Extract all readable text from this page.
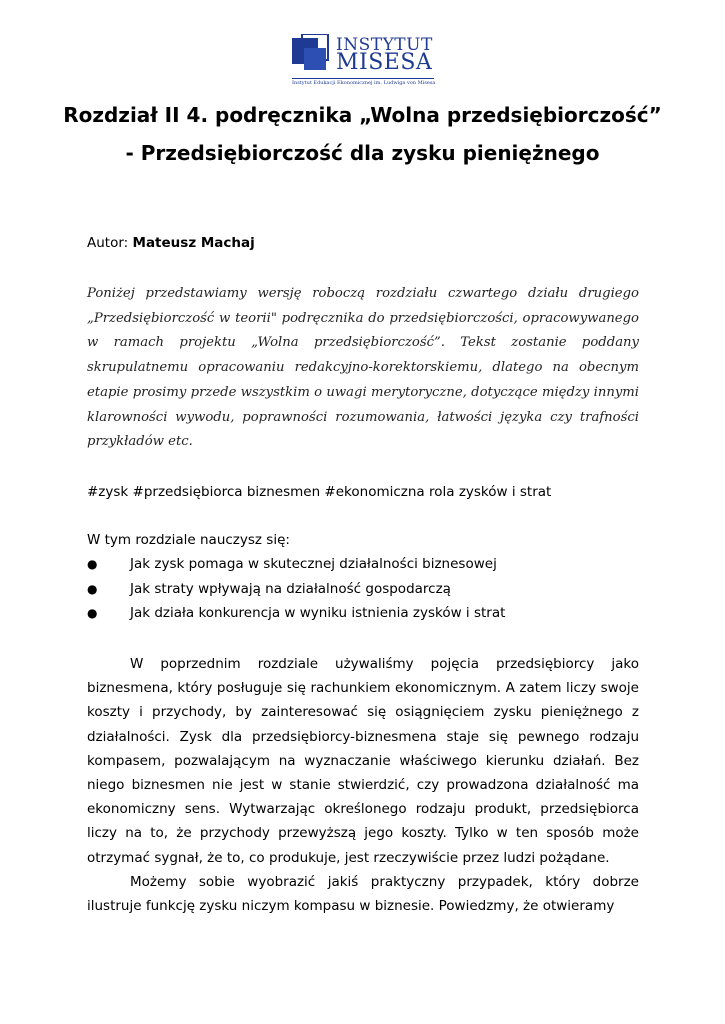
INSTYTUT
MISESA
Instytut Edukacji Ekonomicznej im. Ludwiga von Misesa
Rozdział II 4. podręcznika „Wolna przedsiębiorczość” - Przedsiębiorczość dla zysku pieniężnego
Autor: Mateusz Machaj

Poniżej przedstawiamy wersję roboczą rozdziału czwartego działu drugiego „Przedsiębiorczość w teorii" podręcznika do przedsiębiorczości, opracowywanego w ramach projektu „Wolna przedsiębiorczość”. Tekst zostanie poddany skrupulatnemu opracowaniu redakcyjno-korektorskiemu, dlatego na obecnym etapie prosimy przede wszystkim o uwagi merytoryczne, dotyczące między innymi klarowności wywodu, poprawności rozumowania, łatwości języka czy trafności przykładów etc.

#zysk #przedsiębiorca biznesmen #ekonomiczna rola zysków i strat
W tym rozdziale nauczysz się:
● Jak zysk pomaga w skutecznej działalności biznesowej
● Jak straty wpływają na działalność gospodarczą
● Jak działa konkurencja w wyniku istnienia zysków i strat

W poprzednim rozdziale używaliśmy pojęcia przedsiębiorcy jako biznesmena, który posługuje się rachunkiem ekonomicznym. A zatem liczy swoje koszty i przychody, by zainteresować się osiągnięciem zysku pieniężnego z działalności. Zysk dla przedsiębiorcy-biznesmena staje się pewnego rodzaju kompasem, pozwalającym na wyznaczanie właściwego kierunku działań. Bez niego biznesmen nie jest w stanie stwierdzić, czy prowadzona działalność ma ekonomiczny sens. Wytwarzając określonego rodzaju produkt, przedsiębiorca liczy na to, że przychody przewyższą jego koszty. Tylko w ten sposób może otrzymać sygnał, że to, co produkuje, jest rzeczywiście przez ludzi pożądane.

Możemy sobie wyobrazić jakiś praktyczny przypadek, który dobrze ilustruje funkcję zysku niczym kompasu w biznesie. Powiedzmy, że otwieramy
